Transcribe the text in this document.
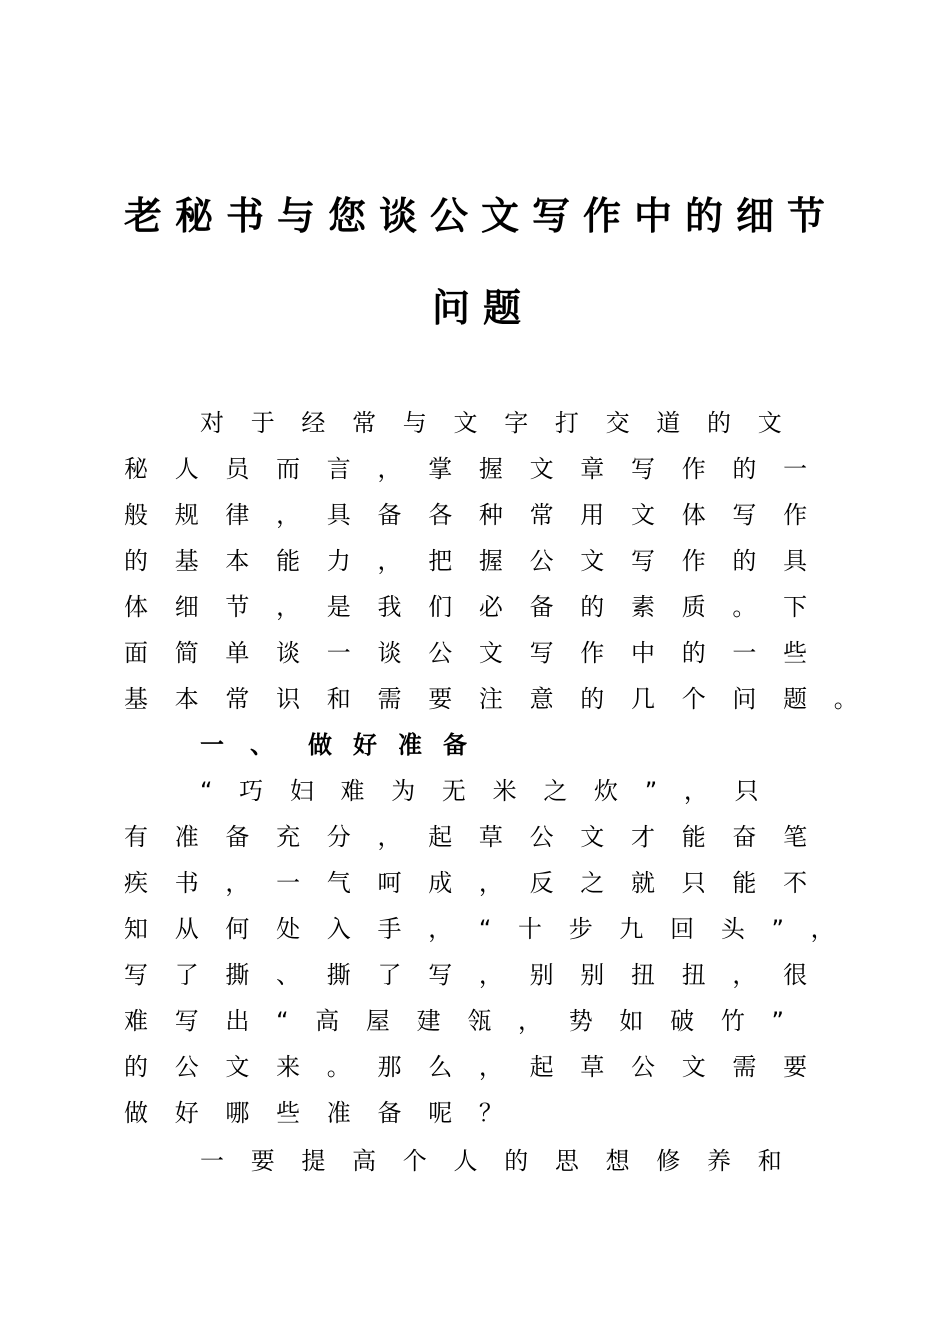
老秘书与您谈公文写作中的细节
问题
对于经常与文字打交道的文
秘人员而言，掌握文章写作的一
般规律，具备各种常用文体写作
的基本能力，把握公文写作的具
体细节，是我们必备的素质。下
面简单谈一谈公文写作中的一些
基本常识和需要注意的几个问题。
一、 做好准备
“巧妇难为无米之炊”，只
有准备充分，起草公文才能奋笔
疾书，一气呵成，反之就只能不
知从何处入手，“十步九回头”，
写了撕、撕了写，别别扭扭，很
难写出“高屋建瓴，势如破竹”
的公文来。那么，起草公文需要
做好哪些准备呢？
一要提高个人的思想修养和
